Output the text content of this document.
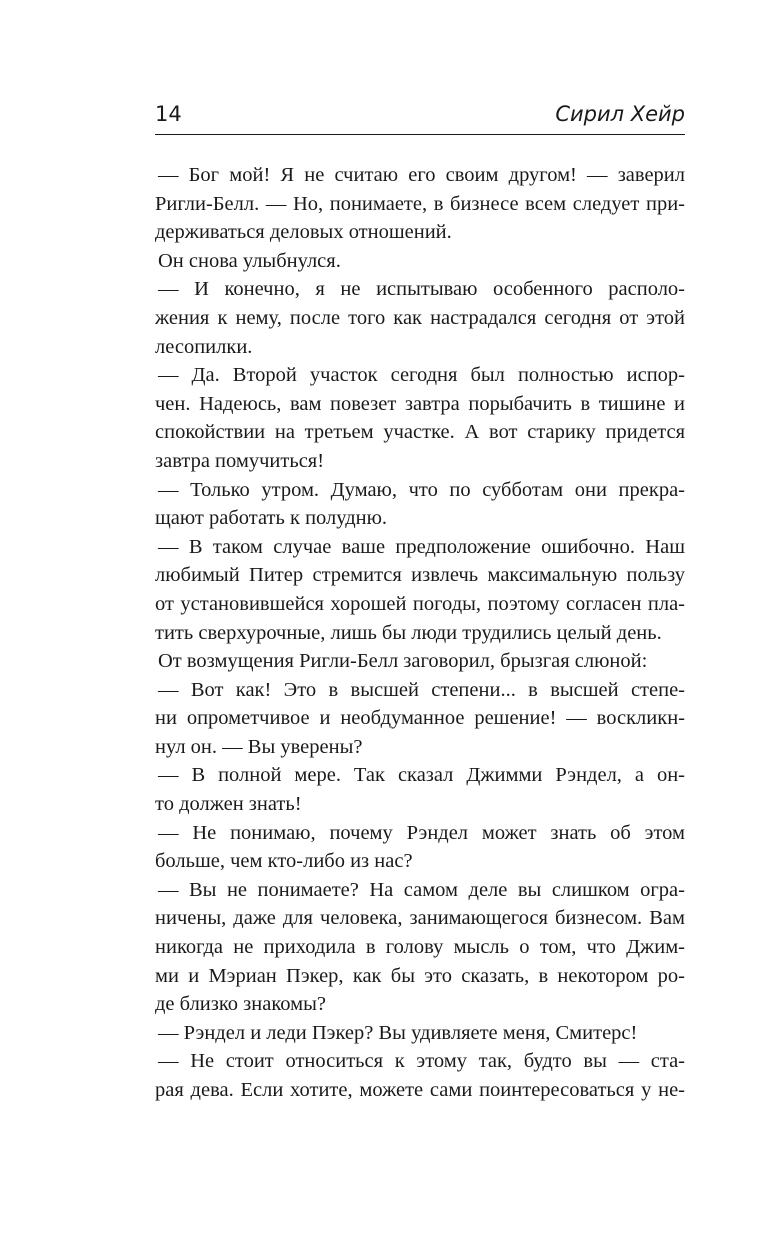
14	Сирил Хейр
— Бог мой! Я не считаю его своим другом! — заверил
Ригли-Белл. — Но, понимаете, в бизнесе всем следует при-
держиваться деловых отношений.
Он снова улыбнулся.
— И конечно, я не испытываю особенного располо-
жения к нему, после того как настрадался сегодня от этой
лесопилки.
— Да. Второй участок сегодня был полностью испор-
чен. Надеюсь, вам повезет завтра порыбачить в тишине и
спокойствии на третьем участке. А вот старику придется
завтра помучиться!
— Только утром. Думаю, что по субботам они прекра-
щают работать к полудню.
— В таком случае ваше предположение ошибочно. Наш
любимый Питер стремится извлечь максимальную пользу
от установившейся хорошей погоды, поэтому согласен пла-
тить сверхурочные, лишь бы люди трудились целый день.
От возмущения Ригли-Белл заговорил, брызгая слюной:
— Вот как! Это в высшей степени... в высшей степе-
ни опрометчивое и необдуманное решение! — воскликн-
нул он. — Вы уверены?
— В полной мере. Так сказал Джимми Рэндел, а он-
то должен знать!
— Не понимаю, почему Рэндел может знать об этом
больше, чем кто-либо из нас?
— Вы не понимаете? На самом деле вы слишком огра-
ничены, даже для человека, занимающегося бизнесом. Вам
никогда не приходила в голову мысль о том, что Джим-
ми и Мэриан Пэкер, как бы это сказать, в некотором ро-
де близко знакомы?
— Рэндел и леди Пэкер? Вы удивляете меня, Смитерс!
— Не стоит относиться к этому так, будто вы — ста-
рая дева. Если хотите, можете сами поинтересоваться у не-
